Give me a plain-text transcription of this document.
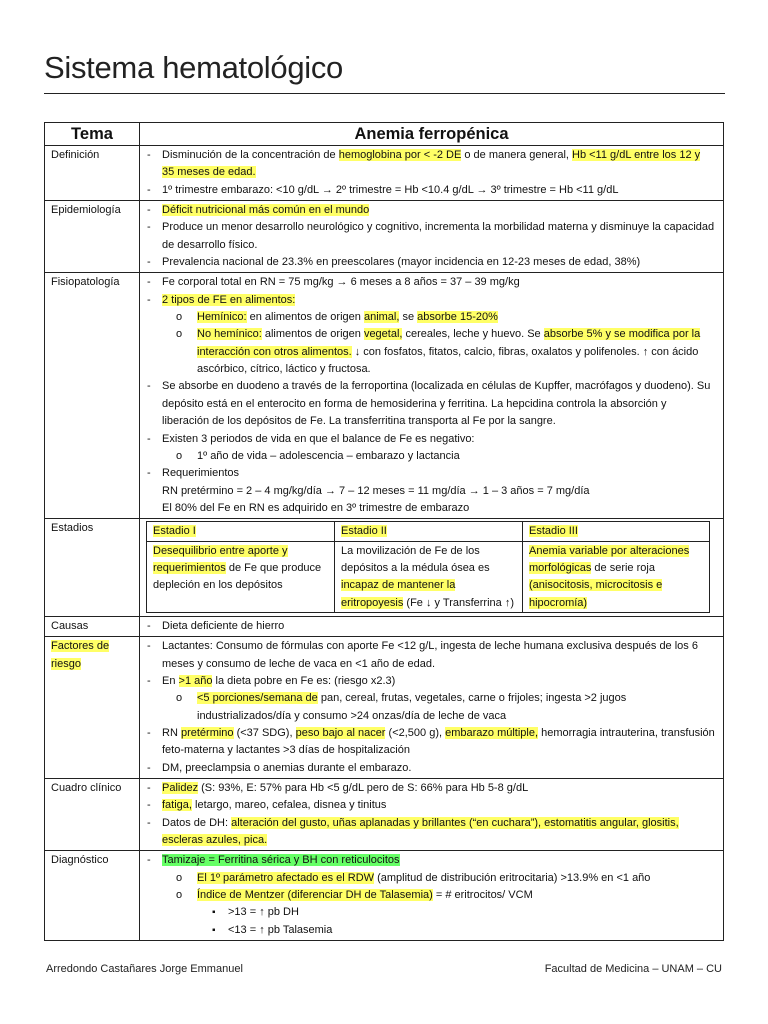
Sistema hematológico
Tema	Anemia ferropénica
Definición	
-Disminución de la concentración de hemoglobina por < -2 DE o de manera general, Hb <11 g/dL entre los 12 y 35 meses de edad.
- 1º trimestre embarazo: <10 g/dL → 2º trimestre = Hb <10.4 g/dL → 3º trimestre = Hb <11 g/dL

Epidemiología	
-Déficit nutricional más común en el mundo
- Produce un menor desarrollo neurológico y cognitivo, incrementa la morbilidad materna y disminuye la capacidad de desarrollo físico.
- Prevalencia nacional de 23.3% en preescolares (mayor incidencia en 12-23 meses de edad, 38%)

Fisiopatología	
-Fe corporal total en RN = 75 mg/kg → 6 meses a 8 años = 37 – 39 mg/kg
- 2 tipos de FE en alimentos:
o Hemínico: en alimentos de origen animal, se absorbe 15-20%
o No hemínico: alimentos de origen vegetal, cereales, leche y huevo. Se absorbe 5% y se modifica por la interacción con otros alimentos. ↓ con fosfatos, fitatos, calcio, fibras, oxalatos y polifenoles. ↑ con ácido ascórbico, cítrico, láctico y fructosa.
- Se absorbe en duodeno a través de la ferroportina (localizada en células de Kupffer, macrófagos y duodeno). Su depósito está en el enterocito en forma de hemosiderina y ferritina. La hepcidina controla la absorción y liberación de los depósitos de Fe. La transferritina transporta al Fe por la sangre.
- Existen 3 periodos de vida en que el balance de Fe es negativo:
o 1º año de vida – adolescencia – embarazo y lactancia
- Requerimientos
RN pretérmino = 2 – 4 mg/kg/día → 7 – 12 meses = 11 mg/día → 1 – 3 años = 7 mg/día
El 80% del Fe en RN es adquirido en 3º trimestre de embarazo

Estadios		Estadio I	Estadio II	Estadio III
Desequilibrio entre aporte y requerimientos de Fe que produce depleción en los depósitos	La movilización de Fe de los depósitos a la médula ósea es incapaz de mantener la eritropoyesis (Fe ↓ y Transferrina ↑)	Anemia variable por alteraciones morfológicas de serie roja (anisocitosis, microcitosis e hipocromía)

Causas	
-Dieta deficiente de hierro

Factores de riesgo	
- Lactantes: Consumo de fórmulas con aporte Fe <12 g/L, ingesta de leche humana exclusiva después de los 6 meses y consumo de leche de vaca en <1 año de edad.
- En >1 año la dieta pobre en Fe es: (riesgo x2.3)
o <5 porciones/semana de pan, cereal, frutas, vegetales, carne o frijoles; ingesta >2 jugos industrializados/día y consumo >24 onzas/día de leche de vaca
- RN pretérmino (<37 SDG), peso bajo al nacer (<2,500 g), embarazo múltiple, hemorragia intrauterina, transfusión feto-materna y lactantes >3 días de hospitalización
- DM, preeclampsia o anemias durante el embarazo.

Cuadro clínico	
-Palidez (S: 93%, E: 57% para Hb <5 g/dL pero de S: 66% para Hb 5-8 g/dL
- fatiga, letargo, mareo, cefalea, disnea y tinitus
- Datos de DH: alteración del gusto, uñas aplanadas y brillantes (“en cuchara”), estomatitis angular, glositis, escleras azules, pica.

Diagnóstico	
-Tamizaje = Ferritina sérica y BH con reticulocitos
o El 1º parámetro afectado es el RDW (amplitud de distribución eritrocitaria) >13.9% en <1 año
o Índice de Mentzer (diferenciar DH de Talasemia) = # eritrocitos/ VCM
▪ >13 = ↑ pb DH
▪ <13 = ↑ pb Talasemia
Arredondo Castañares Jorge Emmanuel	Facultad de Medicina – UNAM – CU
